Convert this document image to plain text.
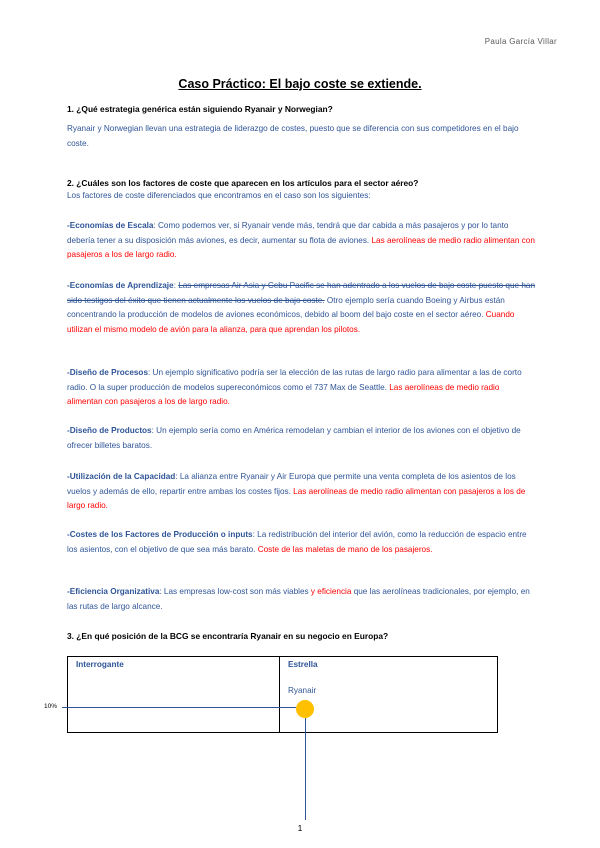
Paula García Villar
Caso Práctico: El bajo coste se extiende.
1. ¿Qué estrategia genérica están siguiendo Ryanair y Norwegian?
Ryanair y Norwegian llevan una estrategia de liderazgo de costes, puesto que se diferencia con sus competidores en el bajo coste.
2. ¿Cuáles son los factores de coste que aparecen en los artículos para el sector aéreo?
Los factores de coste diferenciados que encontramos en el caso son los siguientes:
-Economías de Escala: Como podemos ver, si Ryanair vende más, tendrá que dar cabida a más pasajeros y por lo tanto debería tener a su disposición más aviones, es decir, aumentar su flota de aviones. Las aerolíneas de medio radio alimentan con pasajeros a los de largo radio.
-Economías de Aprendizaje: Las empresas Air Asia y Cebu Pacific se han adentrado a los vuelos de bajo coste puesto que han sido testigos del éxito que tienen actualmente los vuelos de bajo coste. Otro ejemplo sería cuando Boeing y Airbus están concentrando la producción de modelos de aviones económicos, debido al boom del bajo coste en el sector aéreo. Cuando utilizan el mismo modelo de avión para la alianza, para que aprendan los pilotos.
-Diseño de Procesos: Un ejemplo significativo podría ser la elección de las rutas de largo radio para alimentar a las de corto radio. O la super producción de modelos supereconómicos como el 737 Max de Seattle. Las aerolíneas de medio radio alimentan con pasajeros a los de largo radio.
-Diseño de Productos: Un ejemplo sería como en América remodelan y cambian el interior de los aviones con el objetivo de ofrecer billetes baratos.
-Utilización de la Capacidad: La alianza entre Ryanair y Air Europa que permite una venta completa de los asientos de los vuelos y además de ello, repartir entre ambas los costes fijos. Las aerolíneas de medio radio alimentan con pasajeros a los de largo radio.
-Costes de los Factores de Producción o inputs: La redistribución del interior del avión, como la reducción de espacio entre los asientos, con el objetivo de que sea más barato. Coste de las maletas de mano de los pasajeros.
-Eficiencia Organizativa: Las empresas low-cost son más viables y eficiencia que las aerolíneas tradicionales, por ejemplo, en las rutas de largo alcance.
3. ¿En qué posición de la BCG se encontraría Ryanair en su negocio en Europa?
Interrogante	Estrella
Ryanair
10%
1
